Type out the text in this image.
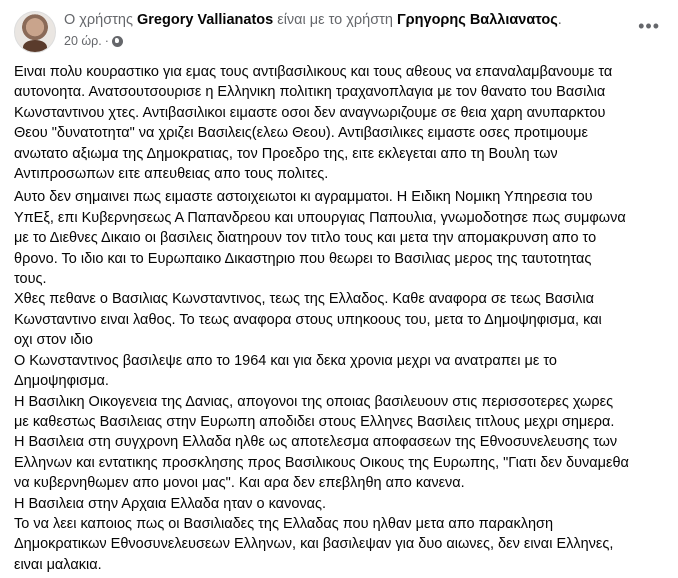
Ο χρήστης Gregory Vallianatos είναι με το χρήστη Γρηγορης Βαλλιανατος.
20 ώρ. ·
•••
Ειναι πολυ κουραστικο για εμας τους αντιβασιλικους και τους αθεους να επαναλαμβανουμε τα
αυτονοητα. Ανατσουτσουρισε η Ελληνικη πολιτικη τραχανοπλαγια με τον θανατο του Βασιλια
Κωνσταντινου χτες. Αντιβασιλικοι ειμαστε οσοι δεν αναγνωριζουμε σε θεια χαρη ανυπαρκτου
Θεου "δυνατοτητα" να χριζει Βασιλεις(ελεω Θεου). Αντιβασιλικες ειμαστε οσες προτιμουμε
ανωτατο αξιωμα της Δημοκρατιας, τον Προεδρο της, ειτε εκλεγεται απο τη Βουλη των
Αντιπροσωπων ειτε απευθειας απο τους πολιτες.
Αυτο δεν σημαινει πως ειμαστε αστοιχειωτοι κι αγραμματοι. Η Ειδικη Νομικη Υπηρεσια του
ΥπΕξ, επι Κυβερνησεως Α Παπανδρεου και υπουργιας Παπουλια, γνωμοδοτησε πως συμφωνα
με το Διεθνες Δικαιο οι βασιλεις διατηρουν τον τιτλο τους και μετα την απομακρυνση απο το
θρονο. Το ιδιο και το Ευρωπαικο Δικαστηριο που θεωρει το Βασιλιας μερος της ταυτοτητας
τους.
Χθες πεθανε ο Βασιλιας Κωνσταντινος, τεως της Ελλαδος. Καθε αναφορα σε τεως Βασιλια
Κωνσταντινο ειναι λαθος. Το τεως αναφορα στους υπηκοους του, μετα το Δημοψηφισμα, και
οχι στον ιδιο
Ο Κωνσταντινος βασιλεψε απο το 1964 και για δεκα χρονια μεχρι να ανατραπει με το
Δημοψηφισμα.
Η Βασιλικη Οικογενεια της Δανιας, απογονοι της οποιας βασιλευουν στις περισσοτερες χωρες
με καθεστως Βασιλειας στην Ευρωπη αποδιδει στους Ελληνες Βασιλεις τιτλους μεχρι σημερα.
Η Βασιλεια στη συγχρονη Ελλαδα ηλθε ως αποτελεσμα αποφασεων της Εθνοσυνελευσης των
Ελληνων και εντατικης προσκλησης προς Βασιλικους Οικους της Ευρωπης, "Γιατι δεν δυναμεθα
να κυβερνηθωμεν απο μονοι μας". Και αρα δεν επεβληθη απο κανενα.
Η Βασιλεια στην Αρχαια Ελλαδα ηταν ο κανονας.
Το να λεει καποιος πως οι Βασιλιαδες της Ελλαδας που ηλθαν μετα απο παρακληση
Δημοκρατικων Εθνοσυνελευσεων Ελληνων, και βασιλεψαν για δυο αιωνες, δεν ειναι Ελληνες,
ειναι μαλακια.
